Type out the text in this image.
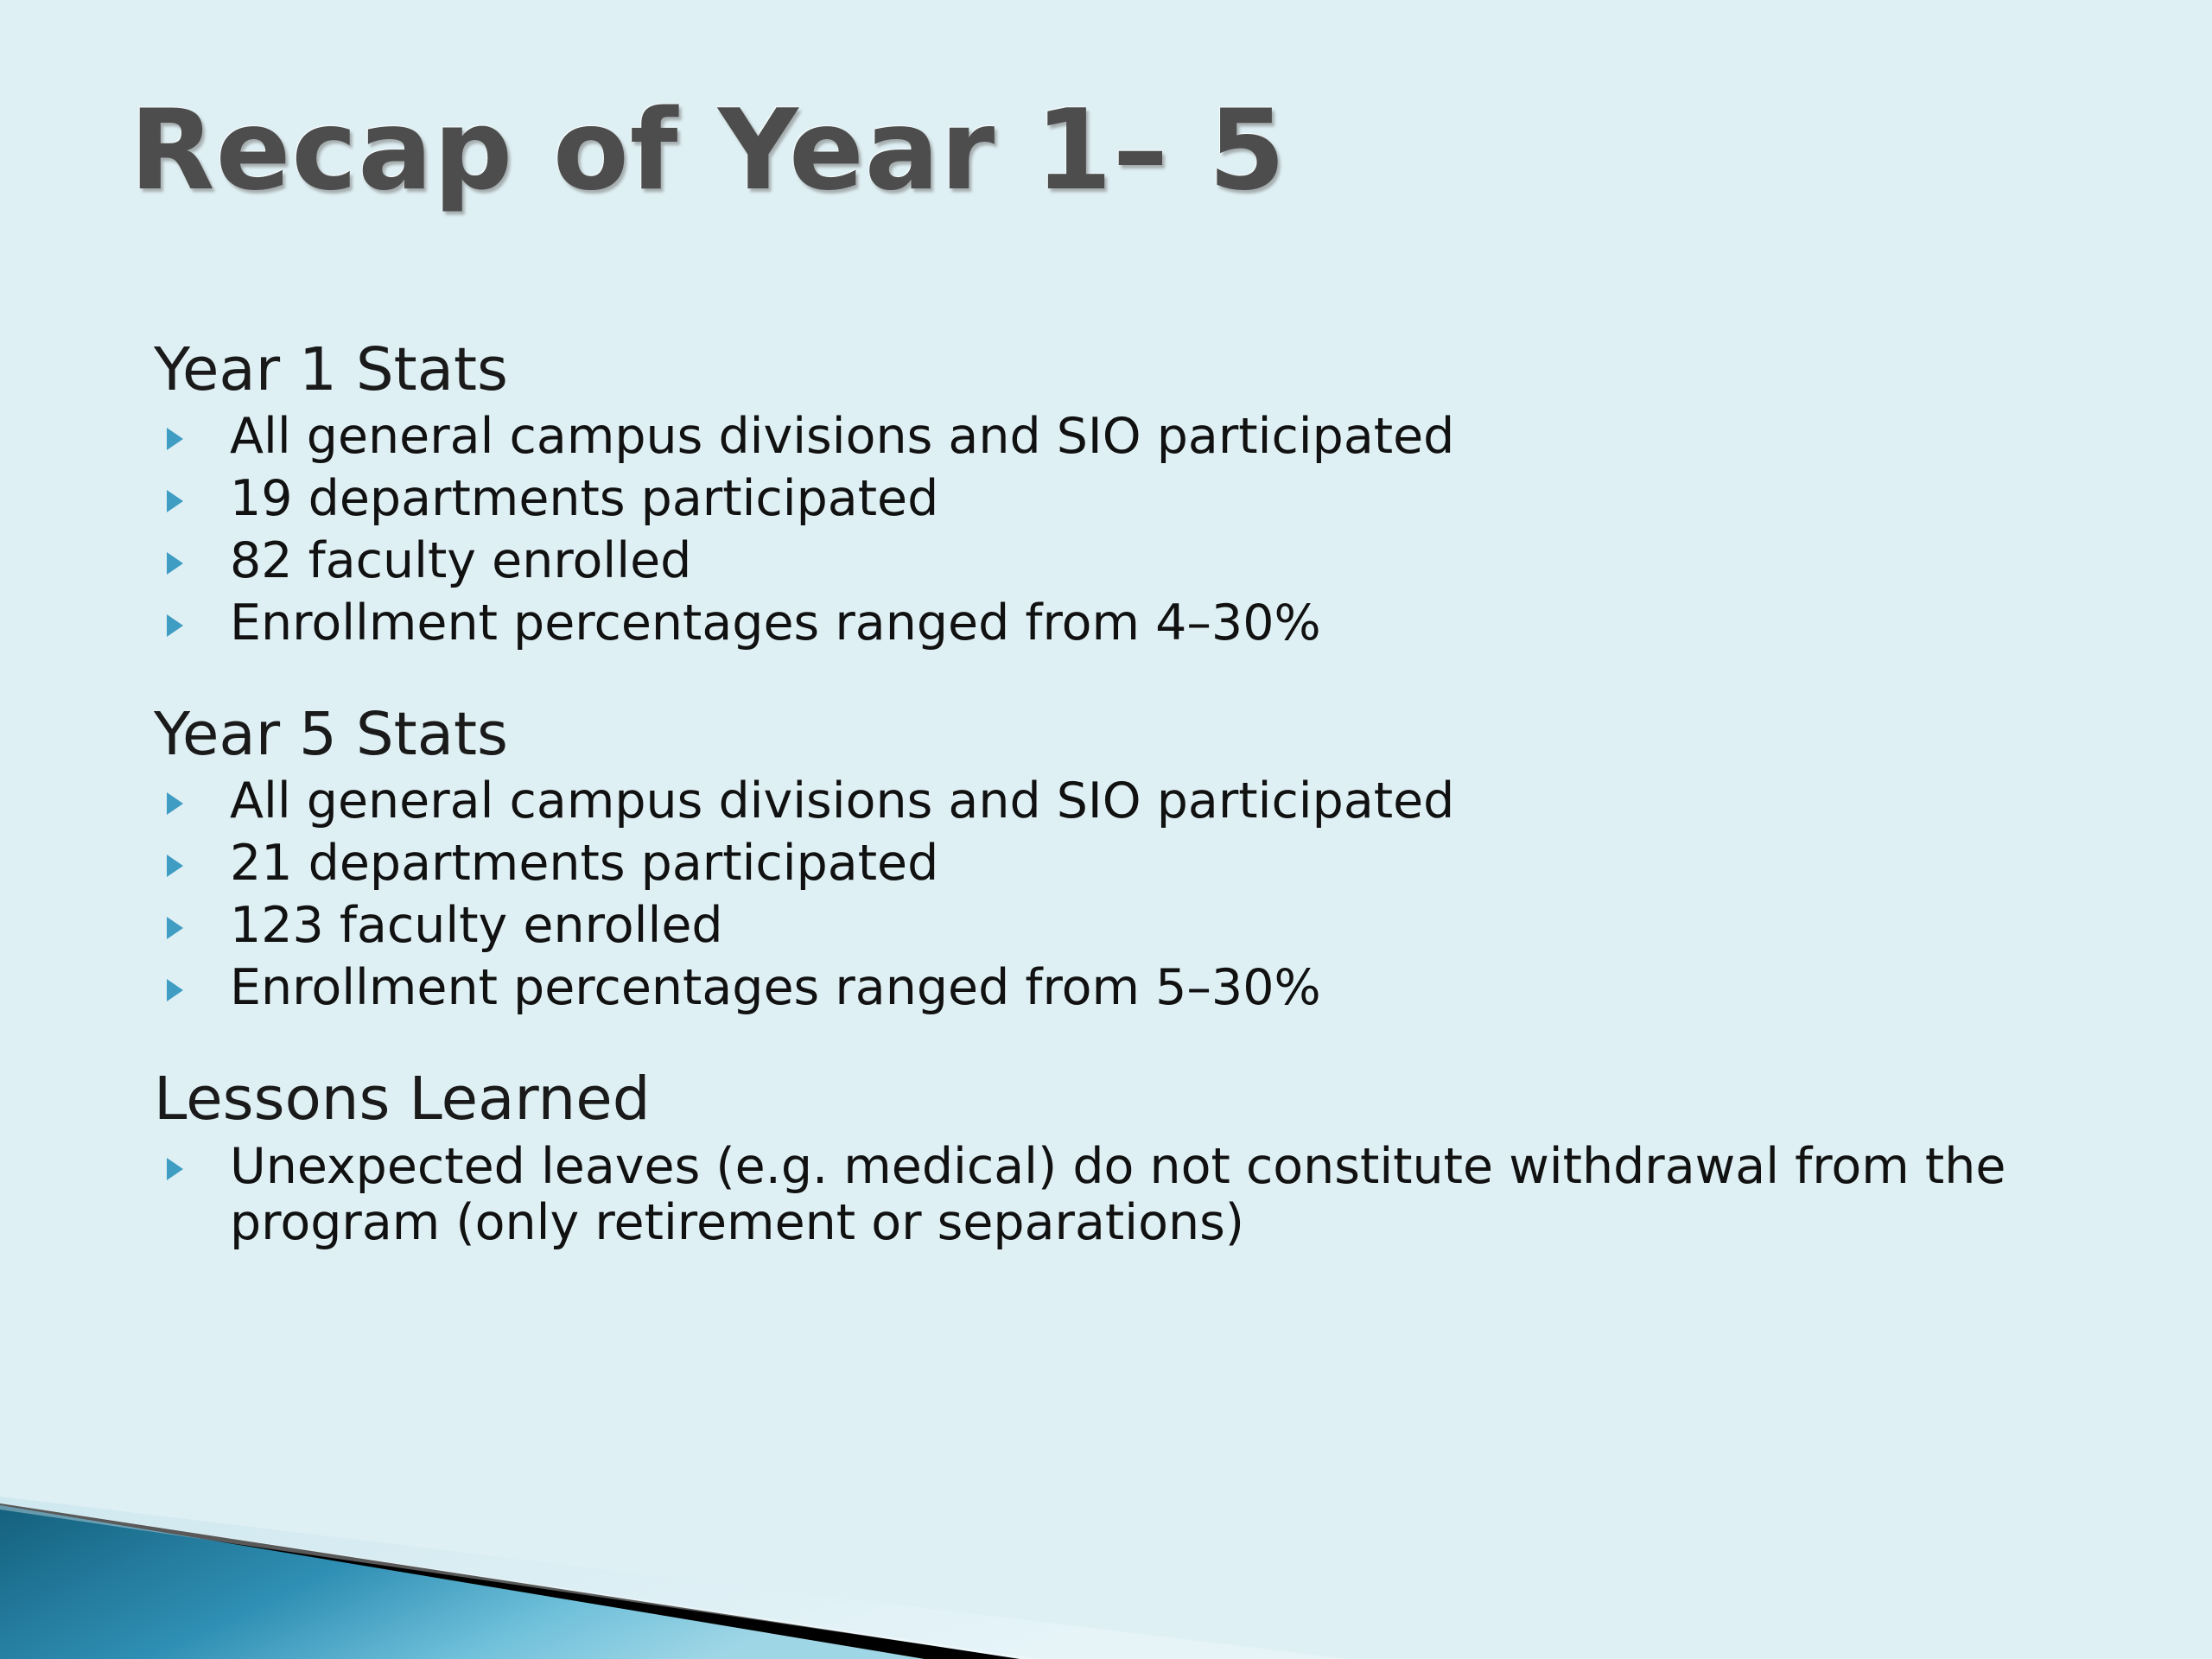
Recap of Year 1– 5
Year 1 Stats
All general campus divisions and SIO participated
19 departments participated
82 faculty enrolled
Enrollment percentages ranged from 4–30%
Year 5 Stats
All general campus divisions and SIO participated
21 departments participated
123 faculty enrolled
Enrollment percentages ranged from 5–30%
Lessons Learned
Unexpected leaves (e.g. medical) do not constitute withdrawal from the program (only retirement or separations)
